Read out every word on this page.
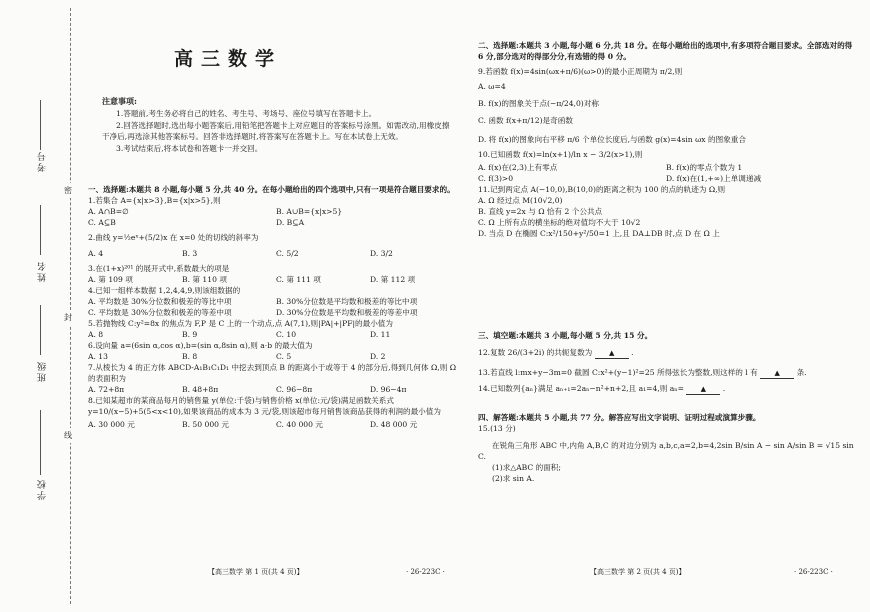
考号
姓名
班级
学校
密
封
线
高三数学
注意事项:

1.答题前,考生务必将自己的姓名、考生号、考场号、座位号填写在答题卡上。

2.回答选择题时,选出每小题答案后,用铅笔把答题卡上对应题目的答案标号涂黑。如需改动,用橡皮擦干净后,再选涂其他答案标号。回答非选择题时,将答案写在答题卡上。写在本试卷上无效。

3.考试结束后,将本试卷和答题卡一并交回。

一、选择题:本题共 8 小题,每小题 5 分,共 40 分。在每小题给出的四个选项中,只有一项是符合题目要求的。
1.若集合 A={x|x>3},B={x|x>5},则
A. A∩B=∅	B. A∪B={x|x>5}
C. A⊆B	D. B⊆A
2.曲线 y=½eˣ+(5/2)x 在 x=0 处的切线的斜率为
A. 4	B. 3	C. 5/2	D. 3/2
3.在(1+x)²⁰¹ 的展开式中,系数最大的项是
A. 第 109 项	B. 第 110 项	C. 第 111 项	D. 第 112 项
4.已知一组样本数据 1,2,4,4,9,则该组数据的
A. 平均数是 30%分位数和极差的等比中项	B. 30%分位数是平均数和极差的等比中项
C. 平均数是 30%分位数和极差的等差中项	D. 30%分位数是平均数和极差的等差中项
5.若抛物线 C:y²=8x 的焦点为 F,P 是 C 上的一个动点,点 A(7,1),则|PA|+|PF|的最小值为
A. 8	B. 9	C. 10	D. 11
6.设向量 a=(6sin α,cos α),b=(sin α,8sin α),则 a·b 的最大值为
A. 13	B. 8	C. 5	D. 2
7.从棱长为 4 的正方体 ABCD-A₁B₁C₁D₁ 中挖去到顶点 B 的距离小于或等于 4 的部分后,得到几何体 Ω,则 Ω 的表面积为
A. 72+8π	B. 48+8π	C. 96−8π	D. 96−4π
8.已知某超市的某商品每月的销售量 y(单位:千袋)与销售价格 x(单位:元/袋)满足函数关系式 y=10/(x−5)+5(5<x<10),如果该商品的成本为 3 元/袋,则该超市每月销售该商品获得的利润的最小值为
A. 30 000 元	B. 50 000 元	C. 40 000 元	D. 48 000 元
【高三数学 第 1 页(共 4 页)】	· 26-223C ·
二、选择题:本题共 3 小题,每小题 6 分,共 18 分。在每小题给出的选项中,有多项符合题目要求。全部选对的得 6 分,部分选对的得部分分,有选错的得 0 分。
9.若函数 f(x)=4sin(ωx+π/6)(ω>0)的最小正周期为 π/2,则
A. ω=4
B. f(x)的图象关于点(−π/24,0)对称
C. 函数 f(x+π/12)是奇函数
D. 将 f(x)的图象向右平移 π/6 个单位长度后,与函数 g(x)=4sin ωx 的图象重合
10.已知函数 f(x)=ln(x+1)/ln x − 3/2(x>1),则
A. f(x)在(2,3)上有零点	B. f(x)的零点个数为 1
C. f(3)>0	D. f(x)在(1,+∞)上单调递减
11.记到两定点 A(−10,0),B(10,0)的距离之积为 100 的点的轨迹为 Ω,则
A. Ω 经过点 M(10√2,0)
B. 直线 y=2x 与 Ω 恰有 2 个公共点
C. Ω 上所有点的横坐标的绝对值均不大于 10√2
D. 当点 D 在椭圆 C:x²/150+y²/50=1 上,且 DA⊥DB 时,点 D 在 Ω 上
三、填空题:本题共 3 小题,每小题 5 分,共 15 分。
12.复数 26/(3+2i) 的共轭复数为 ▲	.
13.若直线 l:mx+y−3m=0 截圆 C:x²+(y−1)²=25 所得弦长为整数,则这样的 l 有 ▲	条.
14.已知数列{aₙ}满足 aₙ₊₁=2aₙ−n²+n+2,且 a₁=4,则 aₙ= ▲	.
四、解答题:本题共 5 小题,共 77 分。解答应写出文字说明、证明过程或演算步骤。
15.(13 分)
在锐角三角形 ABC 中,内角 A,B,C 的对边分别为 a,b,c,a=2,b=4,2sin B/sin A − sin A/sin B = √15 sin C.
(1)求△ABC 的面积;
(2)求 sin A.
【高三数学 第 2 页(共 4 页)】	· 26-223C ·
